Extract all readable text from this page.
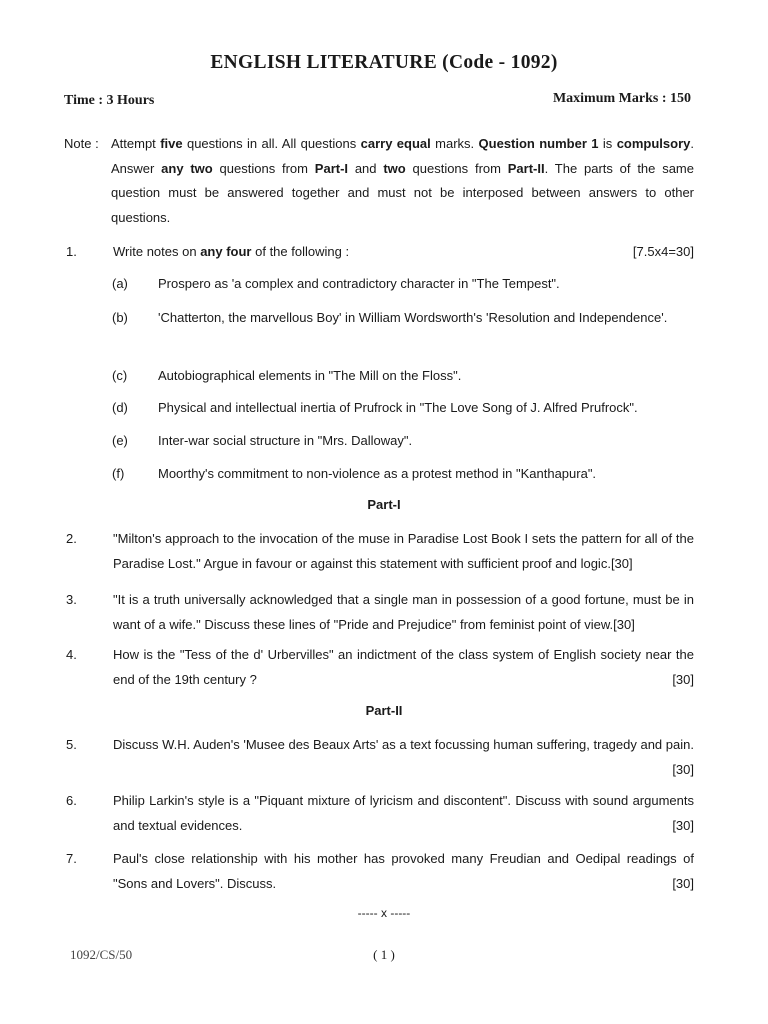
ENGLISH LITERATURE (Code - 1092)
Time : 3 Hours	Maximum Marks : 150
Note : Attempt five questions in all. All questions carry equal marks. Question number 1 is compulsory. Answer any two questions from Part-I and two questions from Part-II. The parts of the same question must be answered together and must not be interposed between answers to other questions.
1.	Write notes on any four of the following :	[7.5x4=30]
(a) Prospero as 'a complex and contradictory character in "The Tempest".
(b) 'Chatterton, the marvellous Boy' in William Wordsworth's 'Resolution and Independence'.
(c) Autobiographical elements in "The Mill on the Floss".
(d) Physical and intellectual inertia of Prufrock in "The Love Song of J. Alfred Prufrock".
(e) Inter-war social structure in "Mrs. Dalloway".
(f)	Moorthy's commitment to non-violence as a protest method in "Kanthapura".
Part-I
2.	"Milton's approach to the invocation of the muse in Paradise Lost Book I sets the pattern for all of the Paradise Lost." Argue in favour or against this statement with sufficient proof and logic.[30]
3.	"It is a truth universally acknowledged that a single man in possession of a good fortune, must be in want of a wife." Discuss these lines of "Pride and Prejudice" from feminist point of view.[30]
4.	How is the "Tess of the d' Urbervilles" an indictment of the class system of English society near the end of the 19th century ?	[30]
Part-II
5.	Discuss W.H. Auden's 'Musee des Beaux Arts' as a text focussing human suffering, tragedy and pain.
[30]
6.	Philip Larkin's style is a "Piquant mixture of lyricism and discontent". Discuss with sound arguments and textual evidences.	[30]
7.	Paul's close relationship with his mother has provoked many Freudian and Oedipal readings of "Sons and Lovers". Discuss.	[30]
----- x -----
1092/CS/50	( 1 )
